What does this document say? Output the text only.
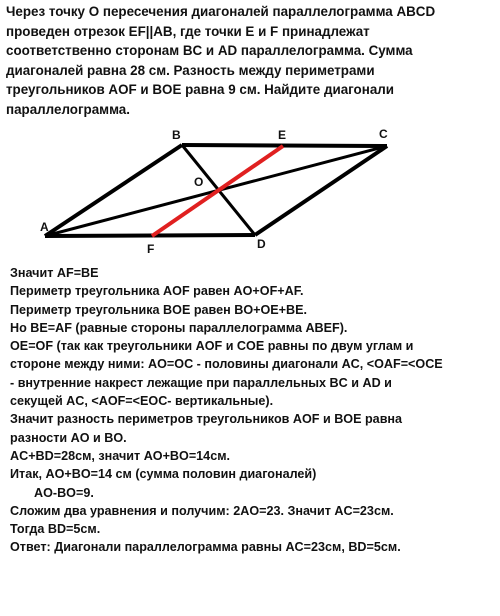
Через точку О пересечения диагоналей параллелограмма ABCD
проведен отрезок EF||AB, где точки E и F принадлежат
соответственно сторонам BC и AD параллелограмма. Сумма
диагоналей равна 28 см. Разность между периметрами
треугольников AOF и BOE равна 9 см. Найдите диагонали
параллелограмма.
A
B	C
D
E
F
O
Значит AF=BE
Периметр треугольника AOF равен AO+OF+AF.
Периметр треугольника BOE равен BO+OE+BE.
Но BE=AF (равные стороны параллелограмма ABEF).
OE=OF (так как треугольники AOF и COE равны по двум углам и
стороне между ними: AO=OC - половины диагонали AC, <OAF=<OCE
- внутренние накрест лежащие при параллельных BC и AD и
секущей AC, <AOF=<EOC- вертикальные).
Значит разность периметров треугольников AOF и BOE равна
разности AO и BO.
AC+BD=28см, значит AO+BO=14см.
Итак, AO+BO=14 см (сумма половин диагоналей)
AO-BO=9.
Сложим два уравнения и получим: 2AO=23. Значит AC=23см.
Тогда BD=5см.
Ответ: Диагонали параллелограмма равны AC=23см, BD=5см.
